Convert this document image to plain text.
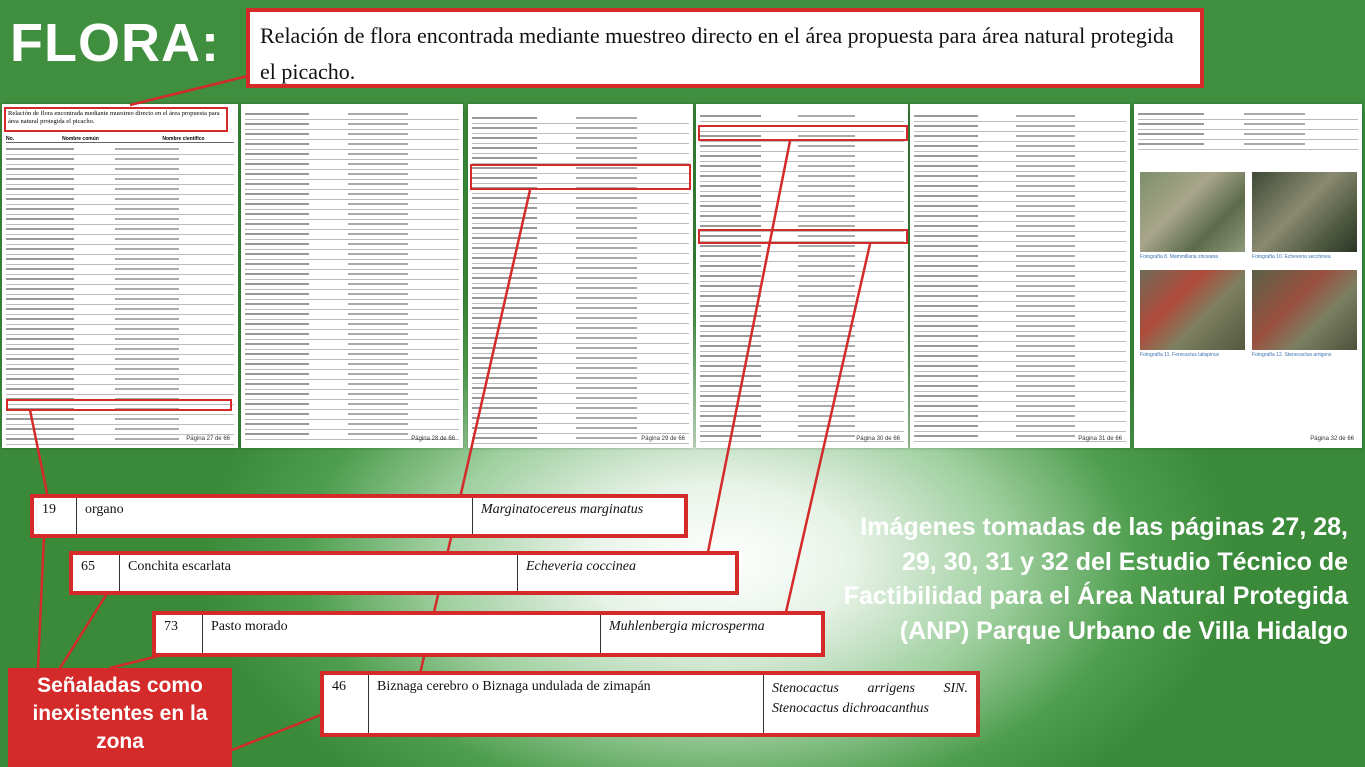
FLORA:	Relación de flora encontrada mediante muestreo directo en el área propuesta para área natural protegida el picacho.
Relación de flora encontrada mediante muestreo directo en el área propuesta para área natural protegida el picacho.
No.	Nombre común	Nombre científico
Página 27 de 66	Página 28 de 66	Página 29 de 66	Página 30 de 66	Página 31 de 66
Fotografía 8. Mammillaria zinceana	Fotografía 10. Echeveria secchinea
Fotografía 11. Ferocactus latispinus	Fotografía 12. Stenocactus arrigens
Página 32 de 66
19	organo	Marginatocereus marginatus
65	Conchita escarlata	Echeveria coccinea
73	Pasto morado	Muhlenbergia microsperma
46	Biznaga cerebro o Biznaga undulada de zimapán	Stenocactus arrigens SIN. Stenocactus dichroacanthus
Señaladas como inexistentes en la zona
Imágenes tomadas de las páginas 27, 28, 29, 30, 31 y 32 del Estudio Técnico de Factibilidad para el Área Natural Protegida (ANP) Parque Urbano de Villa Hidalgo
